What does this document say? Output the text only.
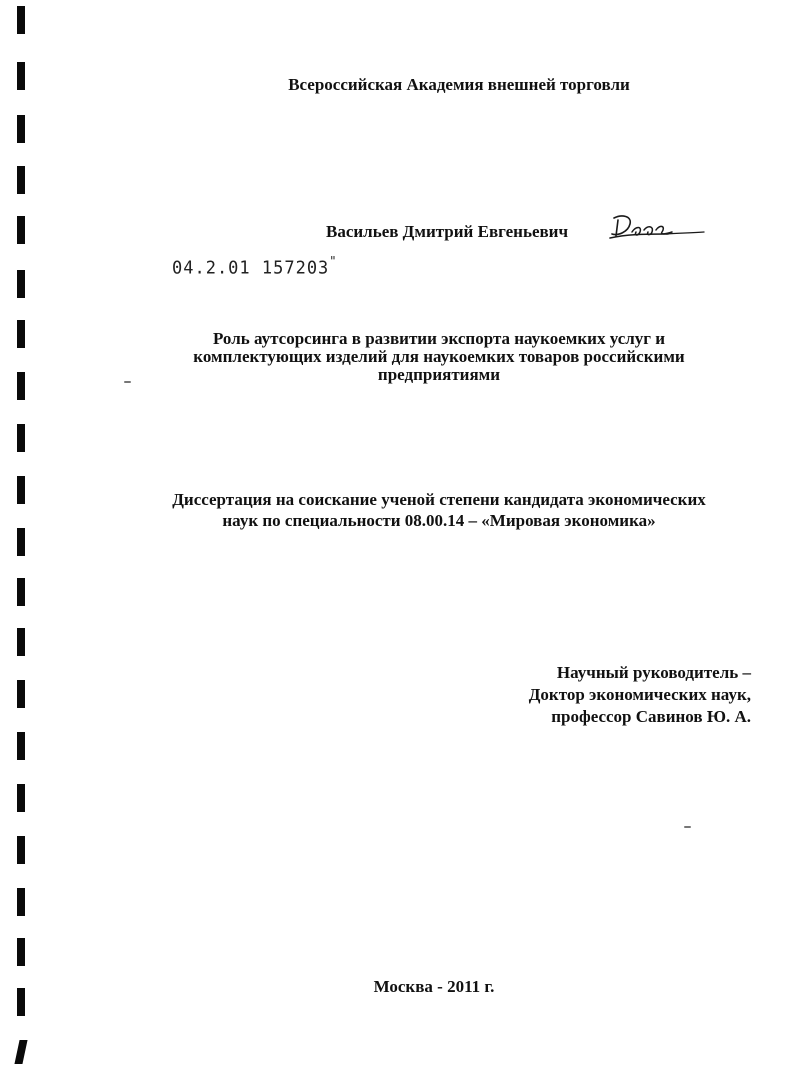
Всероссийская Академия внешней торговли
Васильев Дмитрий Евгеньевич
04.2.01 157203"
Роль аутсорсинга в развитии экспорта наукоемких услуг и
комплектующих изделий для наукоемких товаров российскими
предприятиями
Диссертация на соискание ученой степени кандидата экономических
наук по специальности 08.00.14 – «Мировая экономика»
Научный руководитель –
Доктор экономических наук,
профессор Савинов Ю. А.
Москва - 2011 г.
